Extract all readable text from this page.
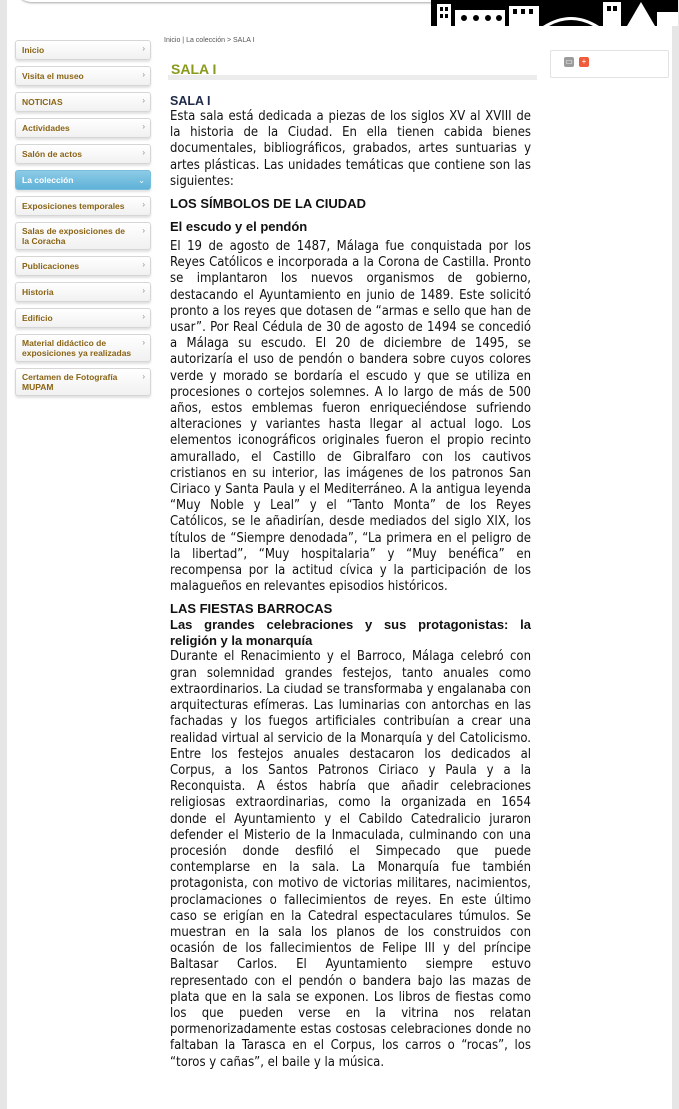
Inicio	›
Visita el museo	›
NOTICIAS	›
Actividades	›
Salón de actos	›
La colección	⌄
Exposiciones temporales ›
Salas de exposiciones de la Coracha
›
Publicaciones	›
Historia	›
Edificio	›
Material didáctico de exposiciones ya realizadas
›
Certamen de Fotografía MUPAM
›
Inicio | La colección > SALA I
SALA I	▭	+
SALA I
Esta sala está dedicada a piezas de los siglos XV al XVIII de la historia de la Ciudad. En ella tienen cabida bienes documentales, bibliográficos, grabados, artes suntuarias y artes plásticas. Las unidades temáticas que contiene son las siguientes:
LOS SÍMBOLOS DE LA CIUDAD
El escudo y el pendón
El 19 de agosto de 1487, Málaga fue conquistada por los Reyes Católicos e incorporada a la Corona de Castilla. Pronto se implantaron los nuevos organismos de gobierno, destacando el Ayuntamiento en junio de 1489. Este solicitó pronto a los reyes que dotasen de “armas e sello que han de usar”. Por Real Cédula de 30 de agosto de 1494 se concedió a Málaga su escudo. El 20 de diciembre de 1495, se autorizaría el uso de pendón o bandera sobre cuyos colores verde y morado se bordaría el escudo y que se utiliza en procesiones o cortejos solemnes. A lo largo de más de 500 años, estos emblemas fueron enriqueciéndose sufriendo alteraciones y variantes hasta llegar al actual logo. Los elementos iconográficos originales fueron el propio recinto amurallado, el Castillo de Gibralfaro con los cautivos cristianos en su interior, las imágenes de los patronos San Ciriaco y Santa Paula y el Mediterráneo. A la antigua leyenda “Muy Noble y Leal” y el “Tanto Monta” de los Reyes Católicos, se le añadirían, desde mediados del siglo XIX, los títulos de “Siempre denodada”, “La primera en el peligro de la libertad”, “Muy hospitalaria” y “Muy benéfica” en recompensa por la actitud cívica y la participación de los malagueños en relevantes episodios históricos.
LAS FIESTAS BARROCAS
Las grandes celebraciones y sus protagonistas: la religión y la monarquía
Durante el Renacimiento y el Barroco, Málaga celebró con gran solemnidad grandes festejos, tanto anuales como extraordinarios. La ciudad se transformaba y engalanaba con arquitecturas efímeras. Las luminarias con antorchas en las fachadas y los fuegos artificiales contribuían a crear una realidad virtual al servicio de la Monarquía y del Catolicismo. Entre los festejos anuales destacaron los dedicados al Corpus, a los Santos Patronos Ciriaco y Paula y a la Reconquista. A éstos habría que añadir celebraciones religiosas extraordinarias, como la organizada en 1654 donde el Ayuntamiento y el Cabildo Catedralicio juraron defender el Misterio de la Inmaculada, culminando con una procesión donde desfiló el Simpecado que puede contemplarse en la sala. La Monarquía fue también protagonista, con motivo de victorias militares, nacimientos, proclamaciones o fallecimientos de reyes. En este último caso se erigían en la Catedral espectaculares túmulos. Se muestran en la sala los planos de los construidos con ocasión de los fallecimientos de Felipe III y del príncipe Baltasar Carlos. El Ayuntamiento siempre estuvo representado con el pendón o bandera bajo las mazas de plata que en la sala se exponen. Los libros de fiestas como los que pueden verse en la vitrina nos relatan pormenorizadamente estas costosas celebraciones donde no faltaban la Tarasca en el Corpus, los carros o “rocas”, los “toros y cañas”, el baile y la música.
